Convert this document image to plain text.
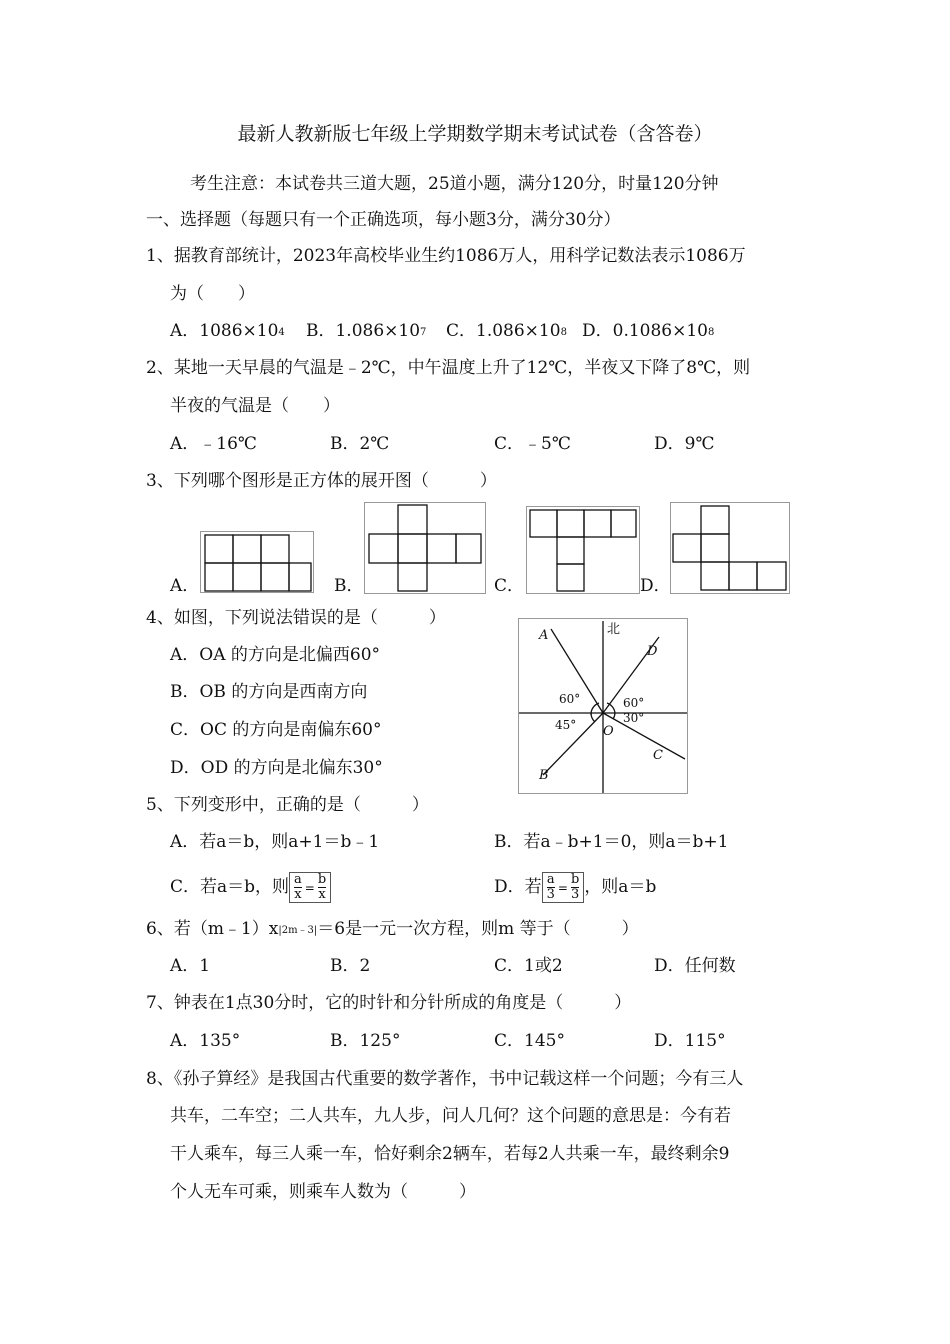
最新人教新版七年级上学期数学期末考试试卷（含答卷）
考生注意：本试卷共三道大题，25道小题，满分120分，时量120分钟
一、选择题（每题只有一个正确选项，每小题3分，满分30分）
1、据教育部统计，2023年高校毕业生约1086万人，用科学记数法表示1086万
为（　　）
A．$1086\times 10^4$ B．$1.086\times 10^7$ C．$1.086\times 10^8$ D．$0.1086\times 10^8$
2、某地一天早晨的气温是﹣2℃，中午温度上升了12℃，半夜又下降了8℃，则
半夜的气温是（　　）
A．﹣16℃	B．2℃	C．﹣5℃	D．9℃
3、下列哪个图形是正方体的展开图（　　　）
A．	B．	C．	D．
4、如图，下列说法错误的是（　　　）
A．OA 的方向是北偏西60°
B．OB 的方向是西南方向
C．OC 的方向是南偏东60°
D．OD 的方向是北偏东30°
北
A
B
C
D
O
60°	60°
45°	30°
5、下列变形中，正确的是（　　　）
A．若a＝b，则a+1＝b﹣1	B．若a﹣b+1＝0，则a＝b+1
C．若a＝b，则 $\frac{a}{x} = \frac{b}{x}$	D．若 $\frac{a}{3} = \frac{b}{3}$ ，则a＝b
6、若$(m﹣1)x^{|2m﹣3|}=6$是一元一次方程，则m 等于（　　　）
A．1	B．2	C．1或2	D．任何数
7、钟表在1点30分时，它的时针和分针所成的角度是（　　　）
A．135°	B．125°	C．145°	D．115°
8、《孙子算经》是我国古代重要的数学著作，书中记载这样一个问题；今有三人
共车，二车空；二人共车，九人步，问人几何？这个问题的意思是：今有若
干人乘车，每三人乘一车，恰好剩余2辆车，若每2人共乘一车，最终剩余9
个人无车可乘，则乘车人数为（　　　）
